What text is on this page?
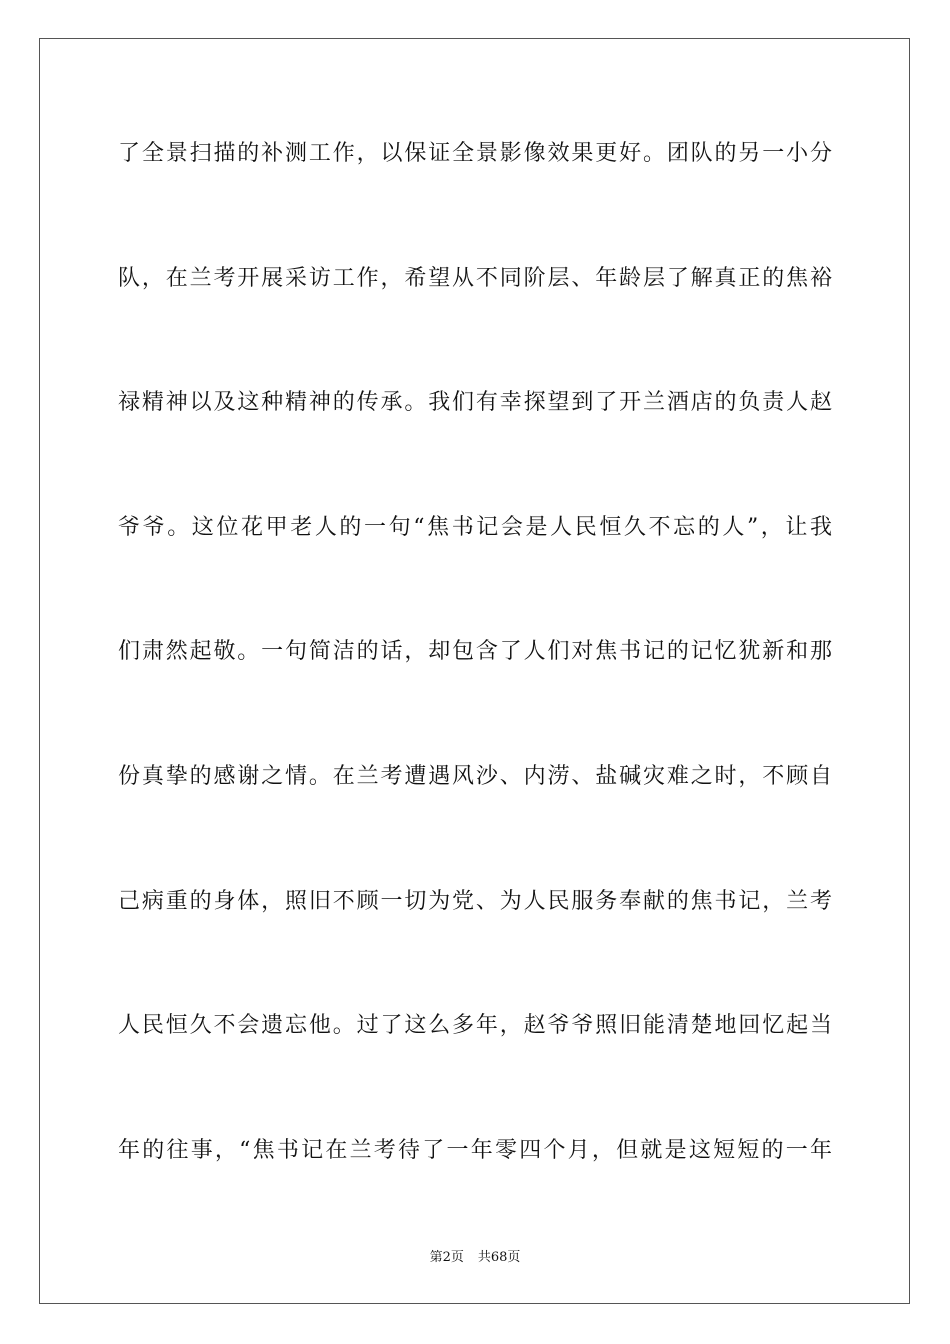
了全景扫描的补测工作，以保证全景影像效果更好。团队的另一小分
队，在兰考开展采访工作，希望从不同阶层、年龄层了解真正的焦裕
禄精神以及这种精神的传承。我们有幸探望到了开兰酒店的负责人赵
爷爷。这位花甲老人的一句“焦书记会是人民恒久不忘的人”，让我
们肃然起敬。一句简洁的话，却包含了人们对焦书记的记忆犹新和那
份真挚的感谢之情。在兰考遭遇风沙、内涝、盐碱灾难之时，不顾自
己病重的身体，照旧不顾一切为党、为人民服务奉献的焦书记，兰考
人民恒久不会遗忘他。过了这么多年，赵爷爷照旧能清楚地回忆起当
年的往事，“焦书记在兰考待了一年零四个月，但就是这短短的一年
第2页 共68页
